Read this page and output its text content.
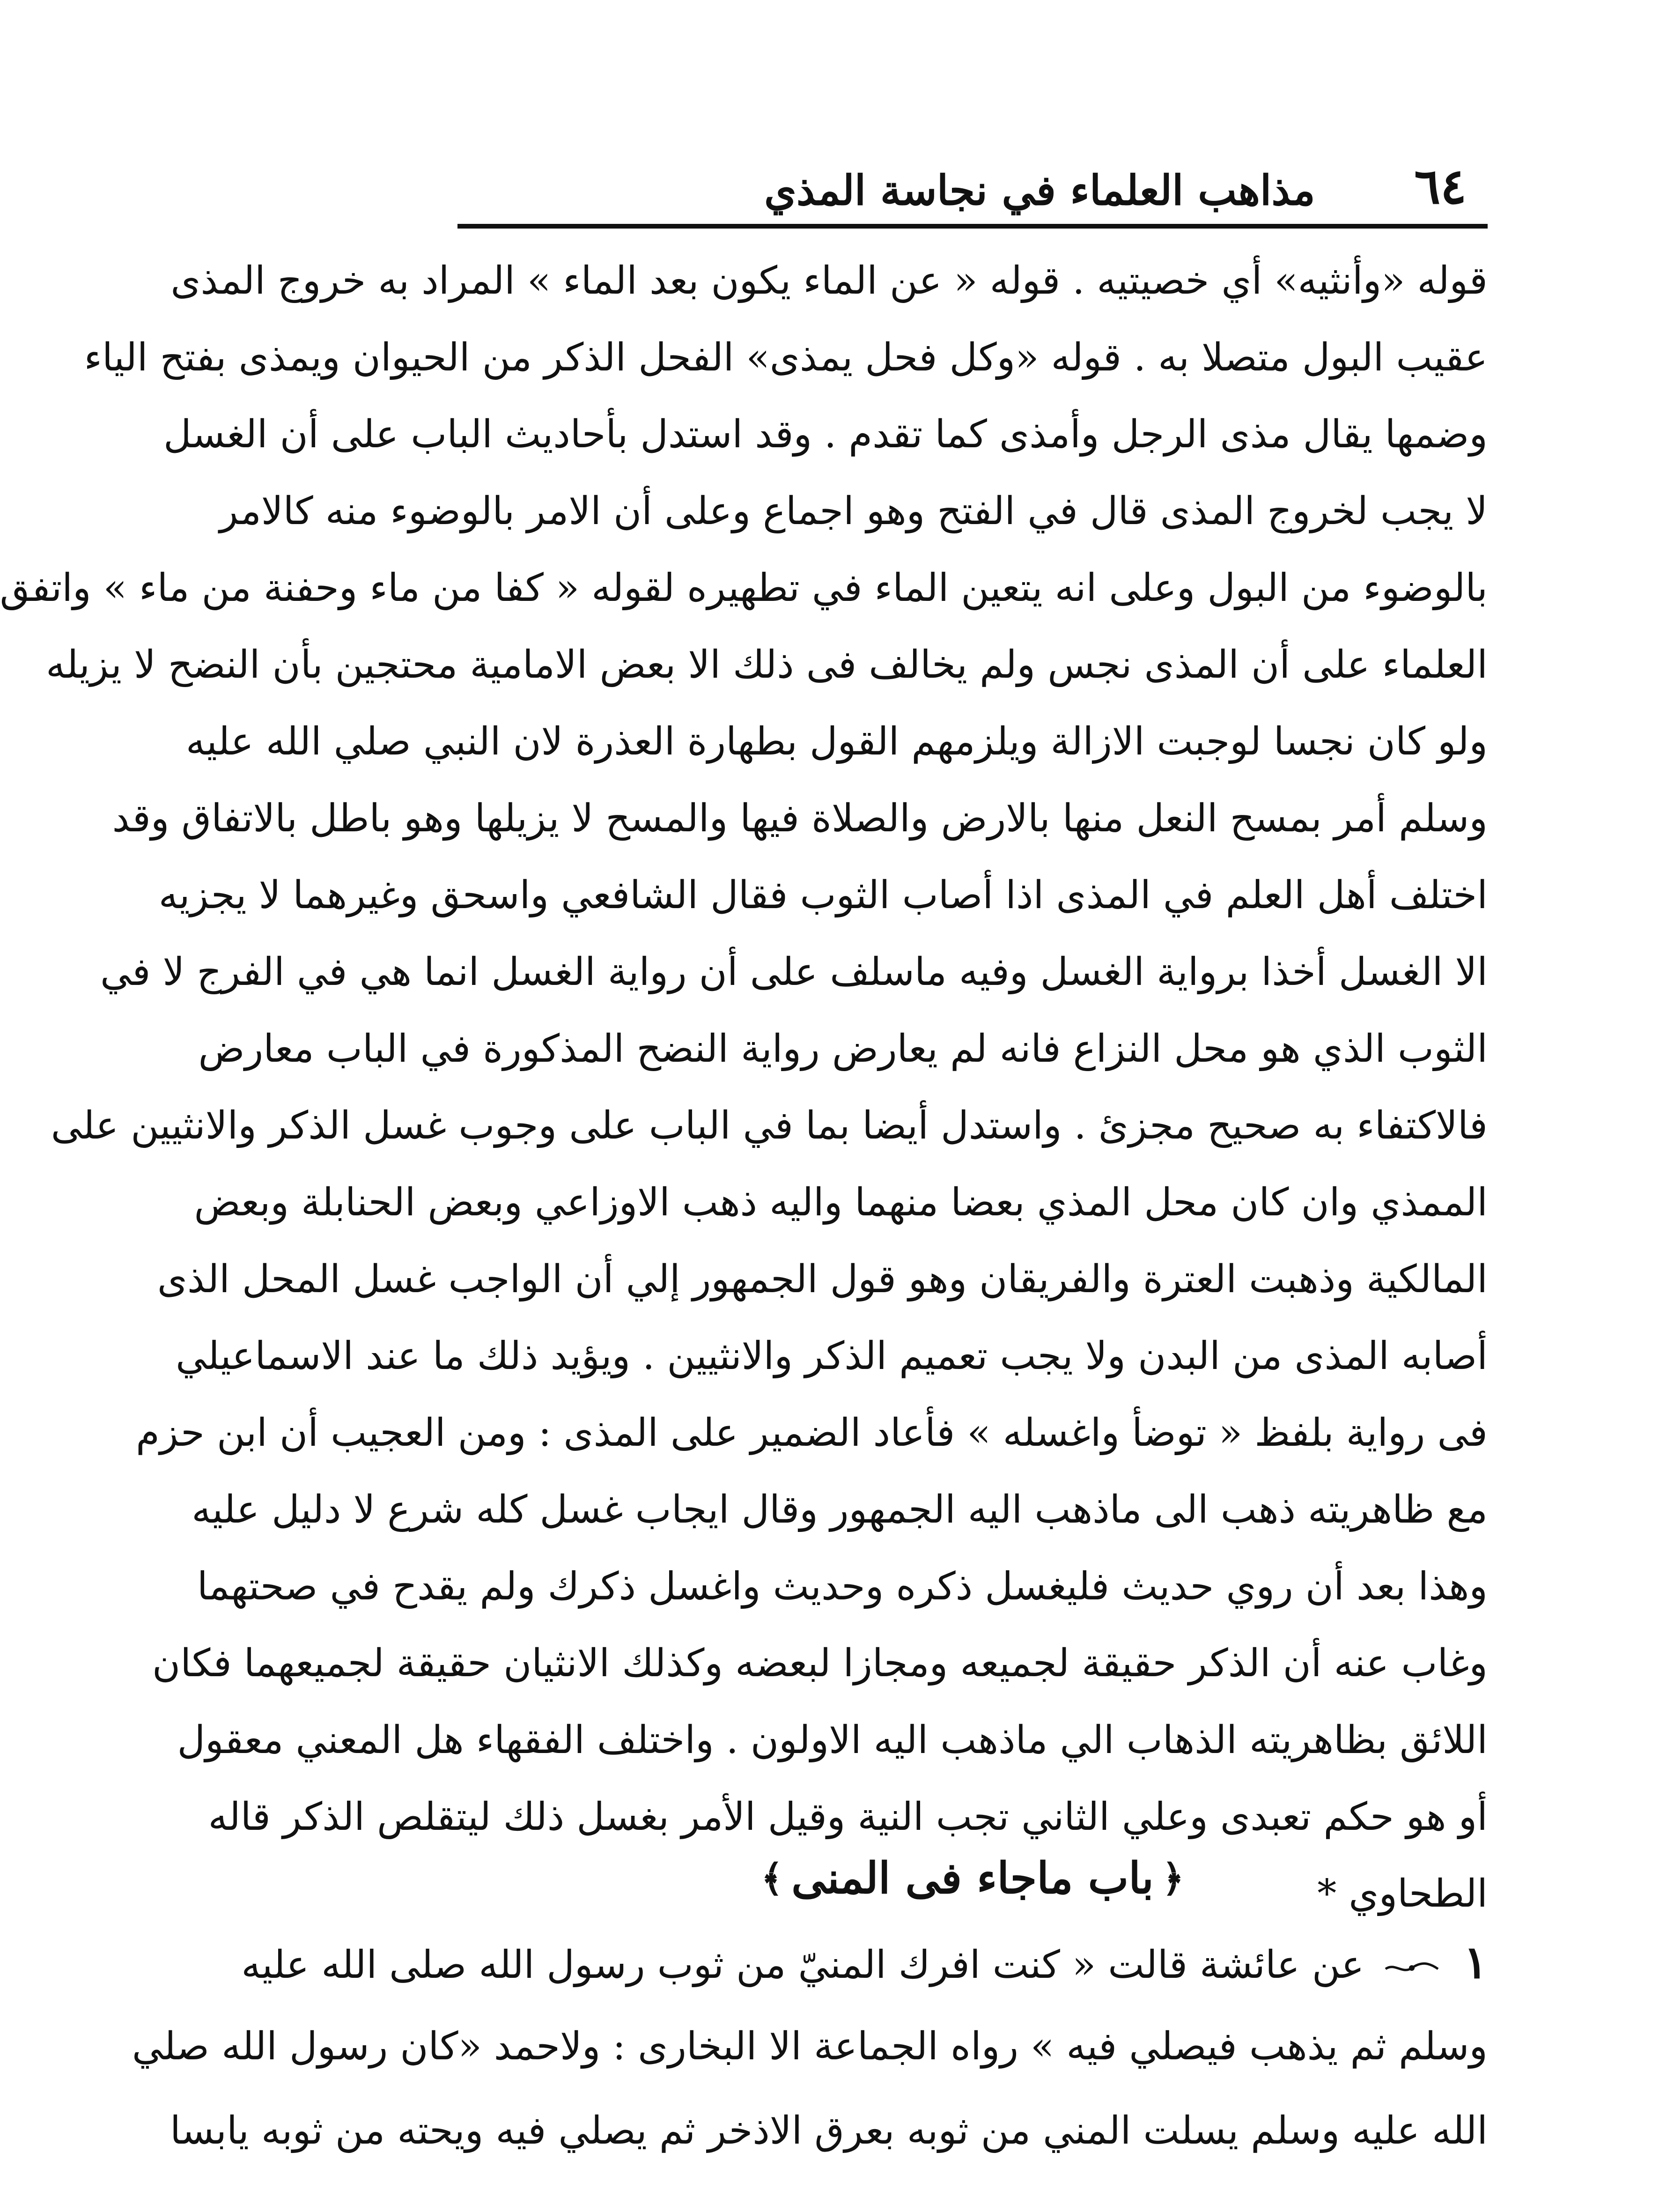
٦٤
مذاهب العلماء في نجاسة المذي
قوله «وأنثيه» أي خصيتيه . قوله « عن الماء يكون بعد الماء » المراد به خروج المذى
عقيب البول متصلا به . قوله «وكل فحل يمذى» الفحل الذكر من الحيوان ويمذى بفتح الياء
وضمها يقال مذى الرجل وأمذى كما تقدم . وقد استدل بأحاديث الباب على أن الغسل
لا يجب لخروج المذى قال في الفتح وهو اجماع وعلى أن الامر بالوضوء منه كالامر
بالوضوء من البول وعلى انه يتعين الماء في تطهيره لقوله « كفا من ماء وحفنة من ماء » واتفق
العلماء على أن المذى نجس ولم يخالف فى ذلك الا بعض الامامية محتجين بأن النضح لا يزيله
ولو كان نجسا لوجبت الازالة ويلزمهم القول بطهارة العذرة لان النبي صلي الله عليه
وسلم أمر بمسح النعل منها بالارض والصلاة فيها والمسح لا يزيلها وهو باطل بالاتفاق وقد
اختلف أهل العلم في المذى اذا أصاب الثوب فقال الشافعي واسحق وغيرهما لا يجزيه
الا الغسل أخذا برواية الغسل وفيه ماسلف على أن رواية الغسل انما هي في الفرج لا في
الثوب الذي هو محل النزاع فانه لم يعارض رواية النضح المذكورة في الباب معارض
فالاكتفاء به صحيح مجزئ . واستدل أيضا بما في الباب على وجوب غسل الذكر والانثيين على
الممذي وان كان محل المذي بعضا منهما واليه ذهب الاوزاعي وبعض الحنابلة وبعض
المالكية وذهبت العترة والفريقان وهو قول الجمهور إلي أن الواجب غسل المحل الذى
أصابه المذى من البدن ولا يجب تعميم الذكر والانثيين . ويؤيد ذلك ما عند الاسماعيلي
فى رواية بلفظ « توضأ واغسله » فأعاد الضمير على المذى : ومن العجيب أن ابن حزم
مع ظاهريته ذهب الى ماذهب اليه الجمهور وقال ايجاب غسل كله شرع لا دليل عليه
وهذا بعد أن روي حديث فليغسل ذكره وحديث واغسل ذكرك ولم يقدح في صحتهما
وغاب عنه أن الذكر حقيقة لجميعه ومجازا لبعضه وكذلك الانثيان حقيقة لجميعهما فكان
اللائق بظاهريته الذهاب الي ماذهب اليه الاولون . واختلف الفقهاء هل المعني معقول
أو هو حكم تعبدى وعلي الثاني تجب النية وقيل الأمر بغسل ذلك ليتقلص الذكر قاله
الطحاوي *
﴿
باب ماجاء فى المنى
﴾
١
عن عائشة قالت « كنت افرك المنيّ من ثوب رسول الله صلى الله عليه
وسلم ثم يذهب فيصلي فيه » رواه الجماعة الا البخارى : ولاحمد «كان رسول الله صلي
الله عليه وسلم يسلت المني من ثوبه بعرق الاذخر ثم يصلي فيه ويحته من ثوبه يابسا
